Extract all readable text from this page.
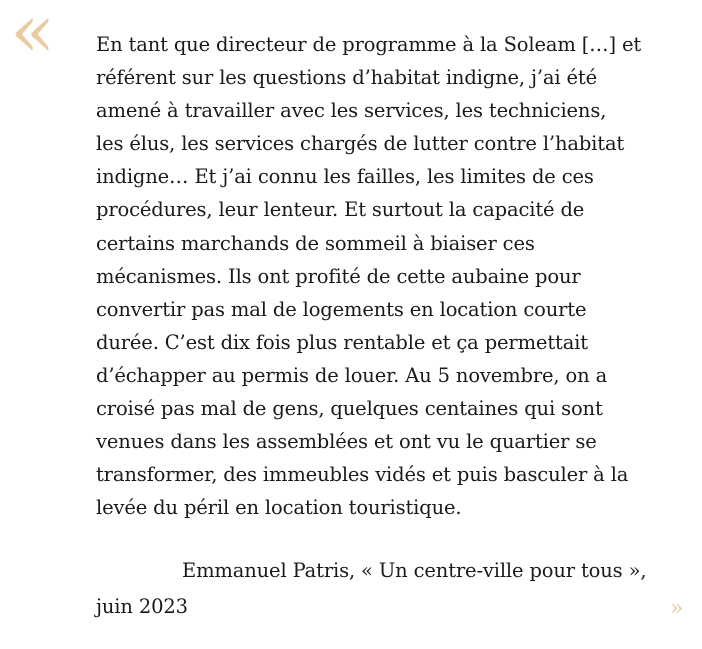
« En tant que directeur de programme à la Soleam […] et
référent sur les questions d’habitat indigne, j’ai été
amené à travailler avec les services, les techniciens,
les élus, les services chargés de lutter contre l’habitat
indigne… Et j’ai connu les failles, les limites de ces
procédures, leur lenteur. Et surtout la capacité de
certains marchands de sommeil à biaiser ces
mécanismes. Ils ont profité de cette aubaine pour
convertir pas mal de logements en location courte
durée. C’est dix fois plus rentable et ça permettait
d’échapper au permis de louer. Au 5 novembre, on a
croisé pas mal de gens, quelques centaines qui sont
venues dans les assemblées et ont vu le quartier se
transformer, des immeubles vidés et puis basculer à la
levée du péril en location touristique.

Emmanuel Patris, « Un centre-ville pour tous »,
juin 2023	»
